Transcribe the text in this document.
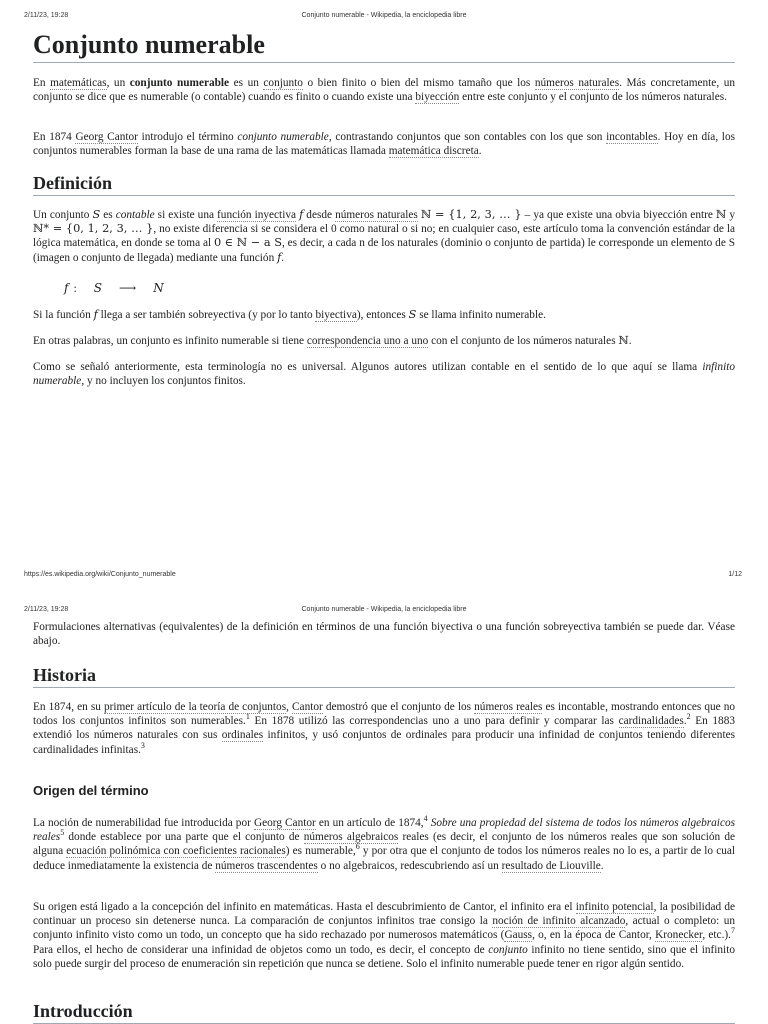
2/11/23, 19:28	Conjunto numerable - Wikipedia, la enciclopedia libre
Conjunto numerable

En matemáticas, un conjunto numerable es un conjunto o bien finito o bien del mismo tamaño que los números naturales. Más concretamente, un conjunto se dice que es numerable (o contable) cuando es finito o cuando existe una biyección entre este conjunto y el conjunto de los números naturales.

En 1874 Georg Cantor introdujo el término conjunto numerable, contrastando conjuntos que son contables con los que son incontables. Hoy en día, los conjuntos numerables forman la base de una rama de las matemáticas llamada matemática discreta.

Definición

Un conjunto S es contable si existe una función inyectiva f desde números naturales ℕ = {1, 2, 3, … } – ya que existe una obvia biyección entre ℕ y ℕ* = {0, 1, 2, 3, … }, no existe diferencia si se considera el 0 como natural o si no; en cualquier caso, este artículo toma la convención estándar de la lógica matemática, en donde se toma al 0 ∈ ℕ − a S, es decir, a cada n de los naturales (dominio o conjunto de partida) le corresponde un elemento de S (imagen o conjunto de llegada) mediante una función f.

f : S ⟶ N

Si la función f llega a ser también sobreyectiva (y por lo tanto biyectiva), entonces S se llama infinito numerable.

En otras palabras, un conjunto es infinito numerable si tiene correspondencia uno a uno con el conjunto de los números naturales ℕ.

Como se señaló anteriormente, esta terminología no es universal. Algunos autores utilizan contable en el sentido de lo que aquí se llama infinito numerable, y no incluyen los conjuntos finitos.

https://es.wikipedia.org/wiki/Conjunto_numerable	1/12
2/11/23, 19:28	Conjunto numerable - Wikipedia, la enciclopedia libre

Formulaciones alternativas (equivalentes) de la definición en términos de una función biyectiva o una función sobreyectiva también se puede dar. Véase abajo.

Historia

En 1874, en su primer artículo de la teoría de conjuntos, Cantor demostró que el conjunto de los números reales es incontable, mostrando entonces que no todos los conjuntos infinitos son numerables.$^1$ En 1878 utilizó las correspondencias uno a uno para definir y comparar las cardinalidades.$^2$ En 1883 extendió los números naturales con sus ordinales infinitos, y usó conjuntos de ordinales para producir una infinidad de conjuntos teniendo diferentes cardinalidades infinitas.$^3$

Origen del término

La noción de numerabilidad fue introducida por Georg Cantor en un artículo de 1874,$^4$ Sobre una propiedad del sistema de todos los números algebraicos reales$^5$ donde establece por una parte que el conjunto de números algebraicos reales (es decir, el conjunto de los números reales que son solución de alguna ecuación polinómica con coeficientes racionales) es numerable,$^6$ y por otra que el conjunto de todos los números reales no lo es, a partir de lo cual deduce inmediatamente la existencia de números trascendentes o no algebraicos, redescubriendo así un resultado de Liouville.

Su origen está ligado a la concepción del infinito en matemáticas. Hasta el descubrimiento de Cantor, el infinito era el infinito potencial, la posibilidad de continuar un proceso sin detenerse nunca. La comparación de conjuntos infinitos trae consigo la noción de infinito alcanzado, actual o completo: un conjunto infinito visto como un todo, un concepto que ha sido rechazado por numerosos matemáticos (Gauss, o, en la época de Cantor, Kronecker, etc.).$^7$ Para ellos, el hecho de considerar una infinidad de objetos como un todo, es decir, el concepto de conjunto infinito no tiene sentido, sino que el infinito solo puede surgir del proceso de enumeración sin repetición que nunca se detiene. Solo el infinito numerable puede tener en rigor algún sentido.

Introducción
